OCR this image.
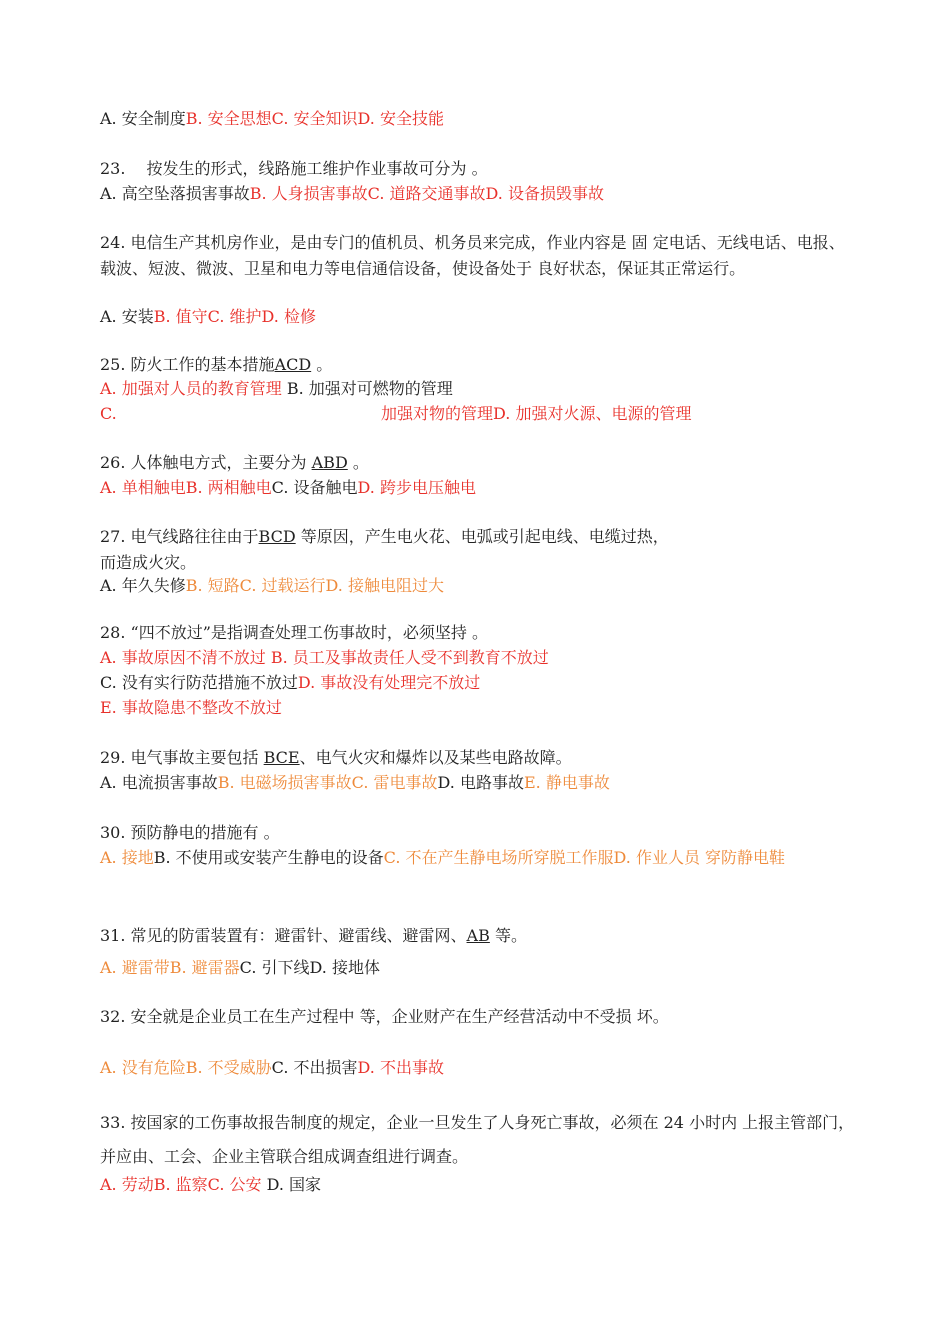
A. 安全制度B. 安全思想C. 安全知识D. 安全技能
23.　 按发生的形式，线路施工维护作业事故可分为 。
A. 高空坠落损害事故B. 人身损害事故C. 道路交通事故D. 设备损毁事故
24. 电信生产其机房作业，是由专门的值机员、机务员来完成，作业内容是 固 定电话、无线电话、电报、载波、短波、微波、卫星和电力等电信通信设备，使设备处于 良好状态，保证其正常运行。
A. 安装B. 值守C. 维护D. 检修
25. 防火工作的基本措施ACD 。
A. 加强对人员的教育管理 B. 加强对可燃物的管理
C.	加强对物的管理D. 加强对火源、电源的管理
26. 人体触电方式，主要分为 ABD 。
A. 单相触电B. 两相触电C. 设备触电D. 跨步电压触电
27. 电气线路往往由于BCD 等原因，产生电火花、电弧或引起电线、电缆过热，
而造成火灾。
A. 年久失修B. 短路C. 过载运行D. 接触电阻过大
28. “四不放过”是指调查处理工伤事故时，必须坚持 。
A. 事故原因不清不放过 B. 员工及事故责任人受不到教育不放过
C. 没有实行防范措施不放过D. 事故没有处理完不放过
E. 事故隐患不整改不放过
29. 电气事故主要包括 BCE、电气火灾和爆炸以及某些电路故障。
A. 电流损害事故B. 电磁场损害事故C. 雷电事故D. 电路事故E. 静电事故
30. 预防静电的措施有 。
A. 接地B. 不使用或安装产生静电的设备C. 不在产生静电场所穿脱工作服D. 作业人员 穿防静电鞋
31. 常见的防雷装置有：避雷针、避雷线、避雷网、AB 等。
A. 避雷带B. 避雷器C. 引下线D. 接地体
32. 安全就是企业员工在生产过程中 等，企业财产在生产经营活动中不受损 坏。
A. 没有危险B. 不受威胁C. 不出损害D. 不出事故
33. 按国家的工伤事故报告制度的规定，企业一旦发生了人身死亡事故，必须在 24 小时内 上报主管部门，并应由、工会、企业主管联合组成调查组进行调查。
A. 劳动B. 监察C. 公安 D. 国家
